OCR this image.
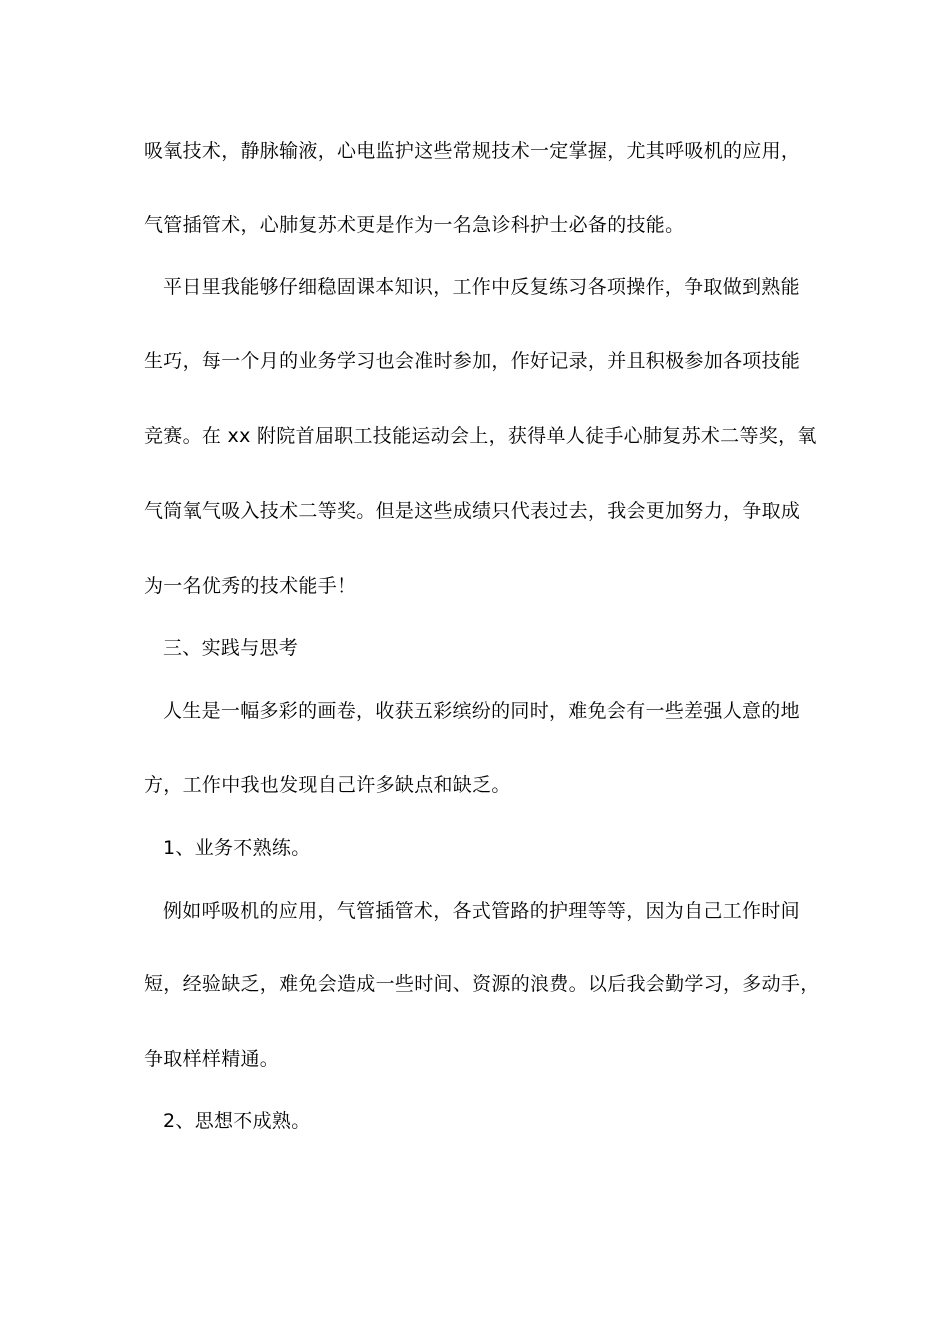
吸氧技术，静脉输液，心电监护这些常规技术一定掌握，尤其呼吸机的应用，
气管插管术，心肺复苏术更是作为一名急诊科护士必备的技能。
平日里我能够仔细稳固课本知识，工作中反复练习各项操作，争取做到熟能
生巧，每一个月的业务学习也会准时参加，作好记录，并且积极参加各项技能
竞赛。在 xx 附院首届职工技能运动会上，获得单人徒手心肺复苏术二等奖，氧
气筒氧气吸入技术二等奖。但是这些成绩只代表过去，我会更加努力，争取成
为一名优秀的技术能手！
三、实践与思考
人生是一幅多彩的画卷，收获五彩缤纷的同时，难免会有一些差强人意的地
方，工作中我也发现自己许多缺点和缺乏。
1、业务不熟练。
例如呼吸机的应用，气管插管术，各式管路的护理等等，因为自己工作时间
短，经验缺乏，难免会造成一些时间、资源的浪费。以后我会勤学习，多动手，
争取样样精通。
2、思想不成熟。
